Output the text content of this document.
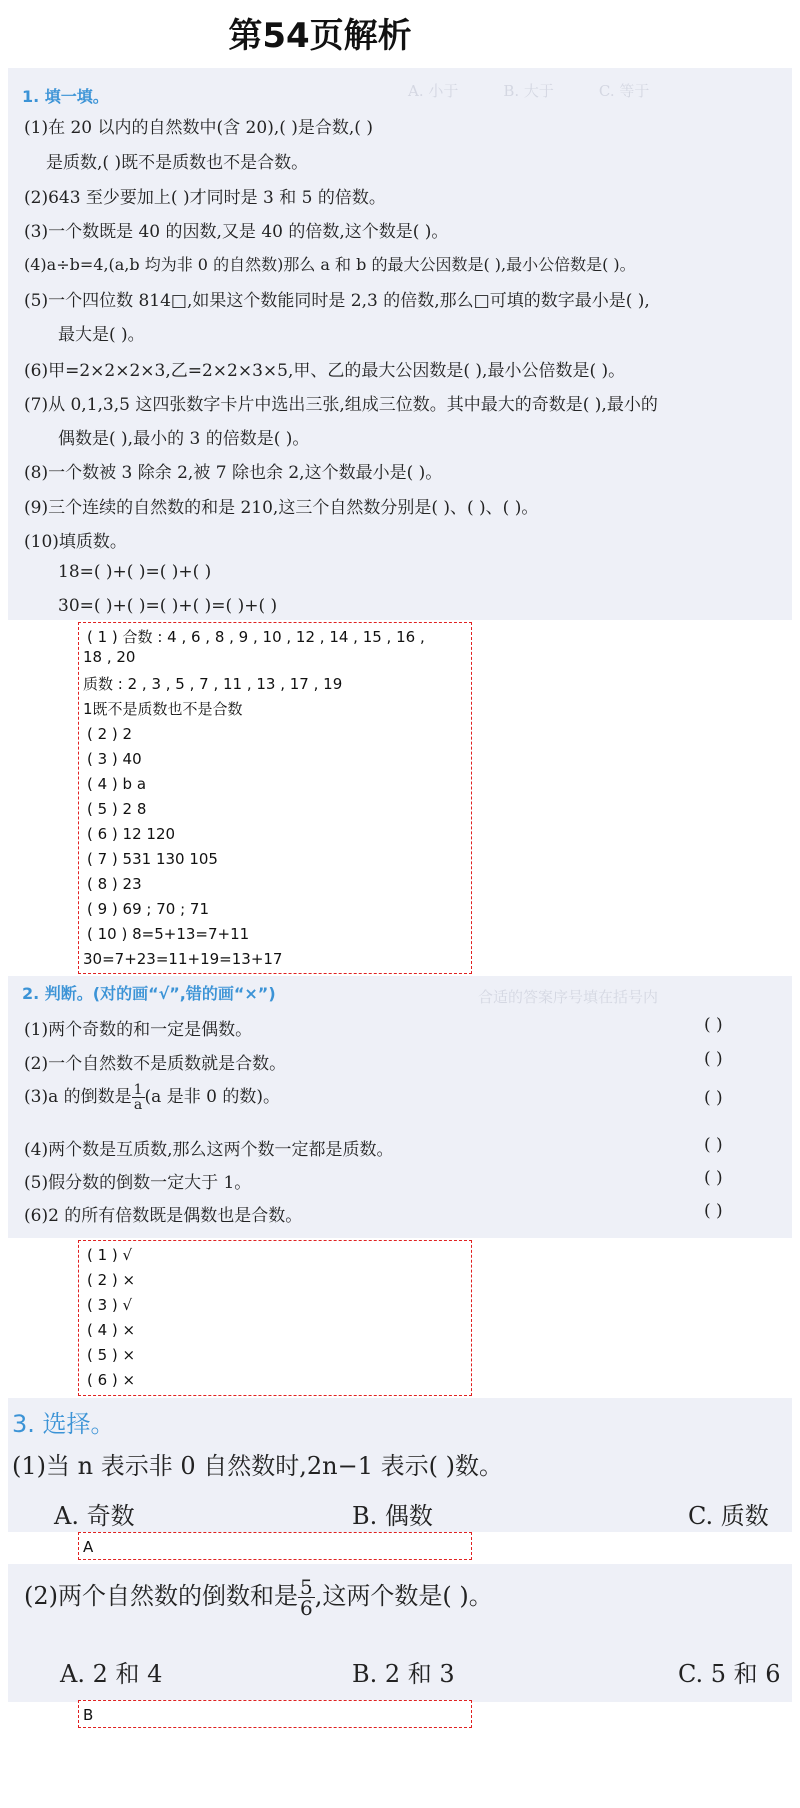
第54页解析
A. 小于　　　B. 大于　　　C. 等于
1. 填一填。
(1)在 20 以内的自然数中(含 20),( )是合数,( )
是质数,( )既不是质数也不是合数。
(2)643 至少要加上( )才同时是 3 和 5 的倍数。
(3)一个数既是 40 的因数,又是 40 的倍数,这个数是( )。
(4)a÷b=4,(a,b 均为非 0 的自然数)那么 a 和 b 的最大公因数是( ),最小公倍数是( )。
(5)一个四位数 814□,如果这个数能同时是 2,3 的倍数,那么□可填的数字最小是( ),
最大是( )。
(6)甲=2×2×2×3,乙=2×2×3×5,甲、乙的最大公因数是( ),最小公倍数是( )。
(7)从 0,1,3,5 这四张数字卡片中选出三张,组成三位数。其中最大的奇数是( ),最小的
偶数是( ),最小的 3 的倍数是( )。
(8)一个数被 3 除余 2,被 7 除也余 2,这个数最小是( )。
(9)三个连续的自然数的和是 210,这三个自然数分别是( )、( )、( )。
(10)填质数。
18=( )+( )=( )+( )
30=( )+( )=( )+( )=( )+( )
( 1 ) 合数 : 4 , 6 , 8 , 9 , 10 , 12 , 14 , 15 , 16 ,
18 , 20
质数 : 2 , 3 , 5 , 7 , 11 , 13 , 17 , 19
1既不是质数也不是合数
( 2 ) 2
( 3 ) 40
( 4 ) b a
( 5 ) 2 8
( 6 ) 12 120
( 7 ) 531 130 105
( 8 ) 23
( 9 ) 69 ; 70 ; 71
( 10 ) 8=5+13=7+11
30=7+23=11+19=13+17
合适的答案序号填在括号内
2. 判断。(对的画“√”,错的画“×”)
(1)两个奇数的和一定是偶数。	( )
(2)一个自然数不是质数就是合数。	( )
(3)a 的倒数是 $\frac{1}{a} (a$ 是非 0 的数)。	( )
(4)两个数是互质数,那么这两个数一定都是质数。	( )
(5)假分数的倒数一定大于 1。	( )
(6)2 的所有倍数既是偶数也是合数。	( )
( 1 ) √
( 2 ) ×
( 3 ) √
( 4 ) ×
( 5 ) ×
( 6 ) ×
3. 选择。
(1)当 n 表示非 0 自然数时,2n−1 表示( )数。
A. 奇数	B. 偶数	C. 质数
A
(2)两个自然数的倒数和是 $\frac{5}{6}$ ,这两个数是( )。
A. 2 和 4	B. 2 和 3	C. 5 和 6
B
